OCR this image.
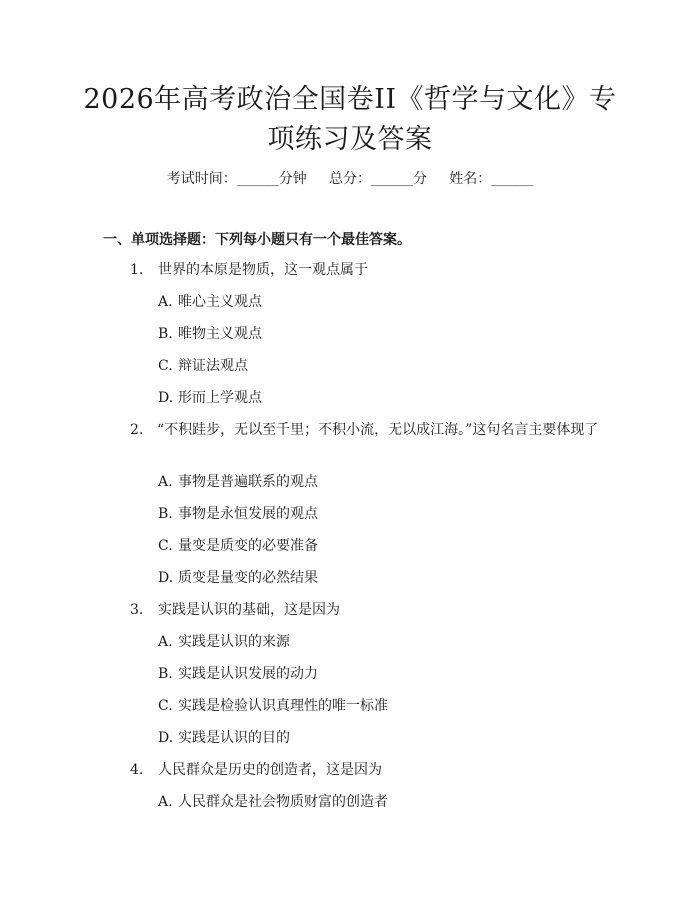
2026年高考政治全国卷II《哲学与文化》专
项练习及答案
考试时间：______分钟     总分：______分     姓名：______
一、单项选择题：下列每小题只有一个最佳答案。
1. 世界的本原是物质，这一观点属于
A. 唯心主义观点
B. 唯物主义观点
C. 辩证法观点
D. 形而上学观点
2. “不积跬步，无以至千里；不积小流，无以成江海。”这句名言主要体现了
A. 事物是普遍联系的观点
B. 事物是永恒发展的观点
C. 量变是质变的必要准备
D. 质变是量变的必然结果
3. 实践是认识的基础，这是因为
A. 实践是认识的来源
B. 实践是认识发展的动力
C. 实践是检验认识真理性的唯一标准
D. 实践是认识的目的
4. 人民群众是历史的创造者，这是因为
A. 人民群众是社会物质财富的创造者
